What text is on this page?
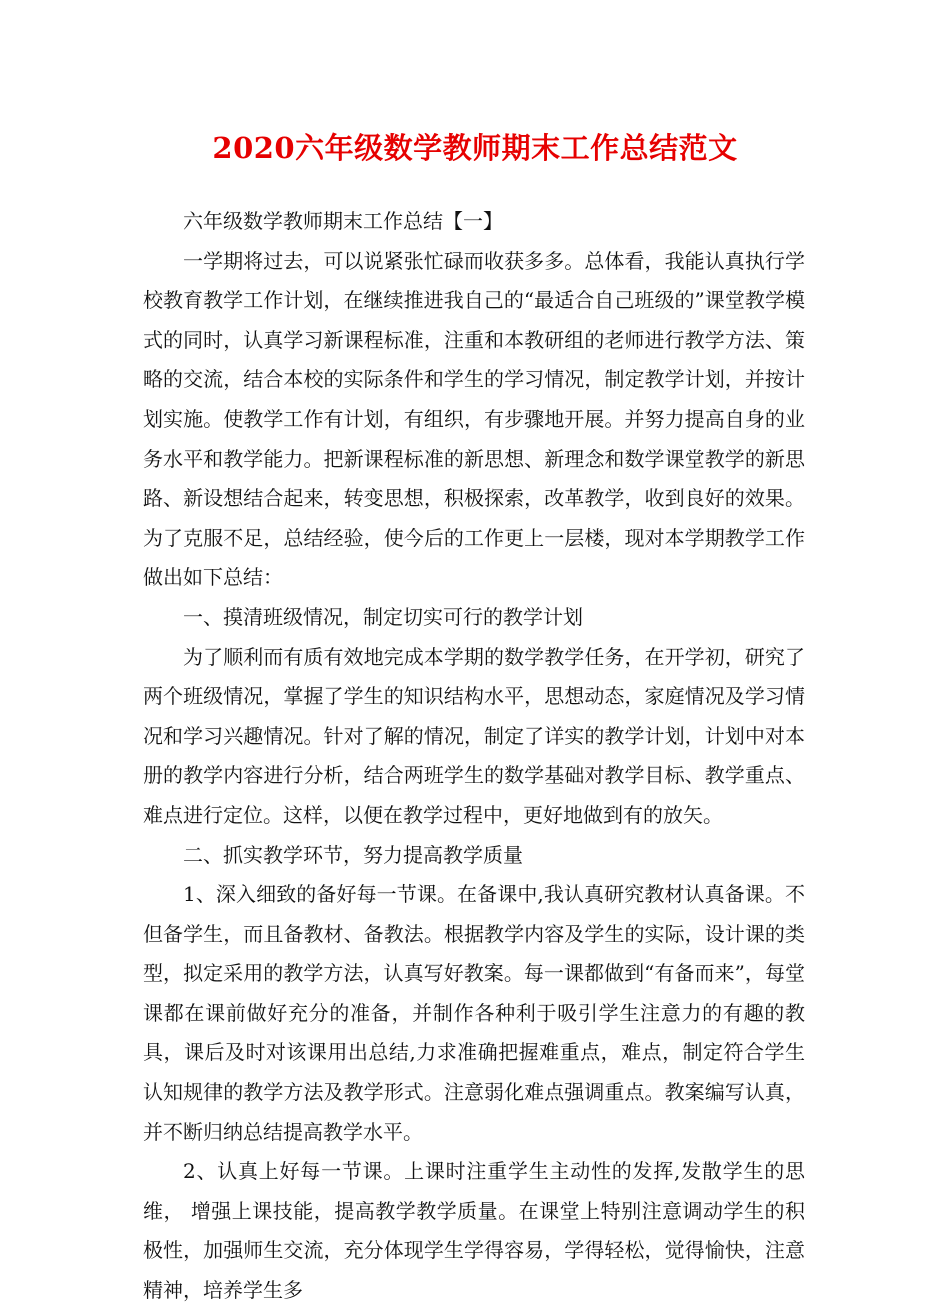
2020六年级数学教师期末工作总结范文

六年级数学教师期末工作总结【一】

一学期将过去，可以说紧张忙碌而收获多多。总体看，我能认真执行学校教育教学工作计划，在继续推进我自己的“最适合自己班级的”课堂教学模式的同时，认真学习新课程标准，注重和本教研组的老师进行教学方法、策略的交流，结合本校的实际条件和学生的学习情况，制定教学计划，并按计划实施。使教学工作有计划，有组织，有步骤地开展。并努力提高自身的业务水平和教学能力。把新课程标准的新思想、新理念和数学课堂教学的新思路、新设想结合起来，转变思想，积极探索，改革教学，收到良好的效果。为了克服不足，总结经验，使今后的工作更上一层楼，现对本学期教学工作做出如下总结：

一、摸清班级情况，制定切实可行的教学计划

为了顺利而有质有效地完成本学期的数学教学任务，在开学初，研究了两个班级情况，掌握了学生的知识结构水平，思想动态，家庭情况及学习情况和学习兴趣情况。针对了解的情况，制定了详实的教学计划，计划中对本册的教学内容进行分析，结合两班学生的数学基础对教学目标、教学重点、难点进行定位。这样，以便在教学过程中，更好地做到有的放矢。

二、抓实教学环节，努力提高教学质量

1、深入细致的备好每一节课。在备课中,我认真研究教材认真备课。不但备学生，而且备教材、备教法。根据教学内容及学生的实际，设计课的类型，拟定采用的教学方法，认真写好教案。每一课都做到“有备而来”，每堂课都在课前做好充分的准备，并制作各种利于吸引学生注意力的有趣的教具，课后及时对该课用出总结,力求准确把握难重点，难点，制定符合学生认知规律的教学方法及教学形式。注意弱化难点强调重点。教案编写认真，并不断归纳总结提高教学水平。

2、认真上好每一节课。上课时注重学生主动性的发挥,发散学生的思维， 增强上课技能，提高教学教学质量。在课堂上特别注意调动学生的积极性，加强师生交流，充分体现学生学得容易，学得轻松，觉得愉快，注意精神，培养学生多
